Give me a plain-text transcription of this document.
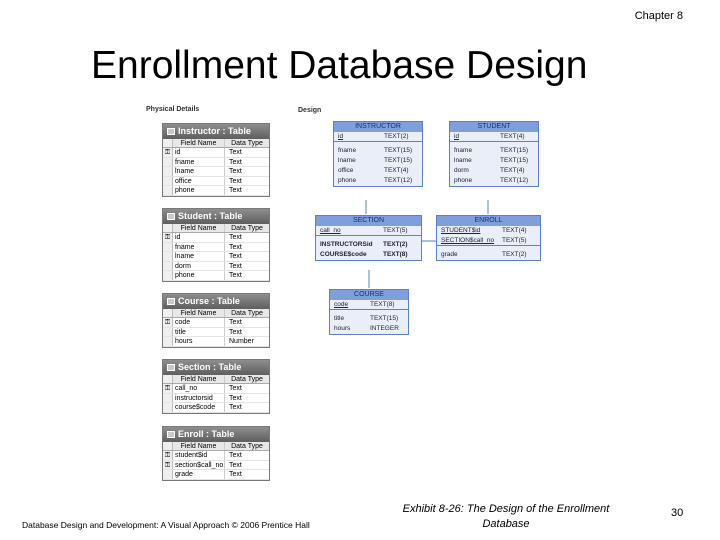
Chapter 8
Enrollment Database Design
Physical Details	Design
Instructor : Table
Field Name	Data Type
⚿ id	Text
fname	Text
lname	Text
office	Text
phone	Text
Student : Table
Field Name	Data Type
⚿ id	Text
fname	Text
lname	Text
dorm	Text
phone	Text
Course : Table
Field Name	Data Type
⚿ code	Text
title	Text
hours	Number
Section : Table
Field Name	Data Type
⚿ call_no	Text
instructorsid	Text
course$code	Text
Enroll : Table
Field Name	Data Type
⚿ student$id	Text
⚿ section$call_no Text
grade	Text
INSTRUCTOR
id	TEXT(2)
fname	TEXT(15)
lname	TEXT(15)
office	TEXT(4)
phone	TEXT(12)
STUDENT
id	TEXT(4)
fname	TEXT(15)
lname	TEXT(15)
dorm	TEXT(4)
phone	TEXT(12)
SECTION
call_no	TEXT(5)
INSTRUCTORSid	TEXT(2)
COURSE$code	TEXT(8)
ENROLL
STUDENT$id	TEXT(4)
SECTION$call_no	TEXT(5)
grade	TEXT(2)
COURSE
code	TEXT(8)
title	TEXT(15)
hours	INTEGER
Exhibit 8-26: The Design of the Enrollment Database
Database Design and Development: A Visual Approach © 2006 Prentice Hall
30
